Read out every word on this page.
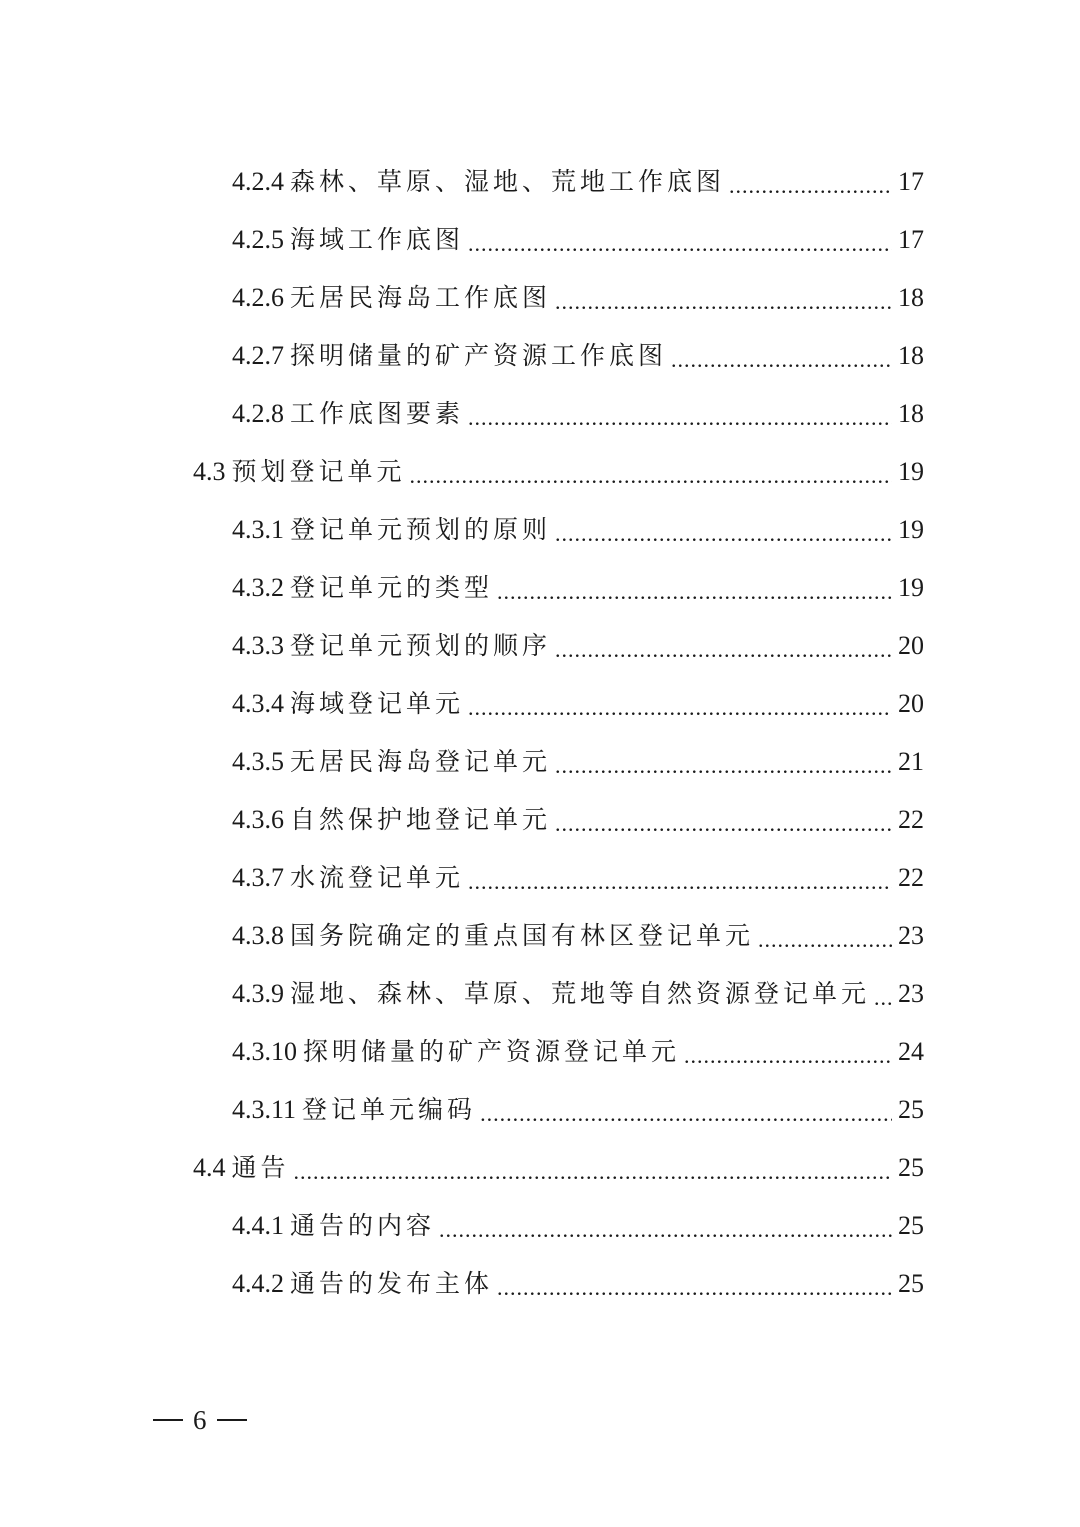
4.2.4 森林、草原、湿地、荒地工作底图 .....	17
4.2.5 海域工作底图 .....	17
4.2.6 无居民海岛工作底图 .....	18
4.2.7 探明储量的矿产资源工作底图 .....	18
4.2.8 工作底图要素 .....	18
4.3 预划登记单元 .....	19
4.3.1 登记单元预划的原则 .....	19
4.3.2 登记单元的类型 .....	19
4.3.3 登记单元预划的顺序 .....	20
4.3.4 海域登记单元 .....	20
4.3.5 无居民海岛登记单元 .....	21
4.3.6 自然保护地登记单元 .....	22
4.3.7 水流登记单元 .....	22
4.3.8 国务院确定的重点国有林区登记单元 .....	23
4.3.9 湿地、森林、草原、荒地等自然资源登记单元 ..... 23
4.3.10 探明储量的矿产资源登记单元 .....	24
4.3.11 登记单元编码 .....	25
4.4 通告 .....	25
4.4.1 通告的内容 .....	25
4.4.2 通告的发布主体 .....	25
6
